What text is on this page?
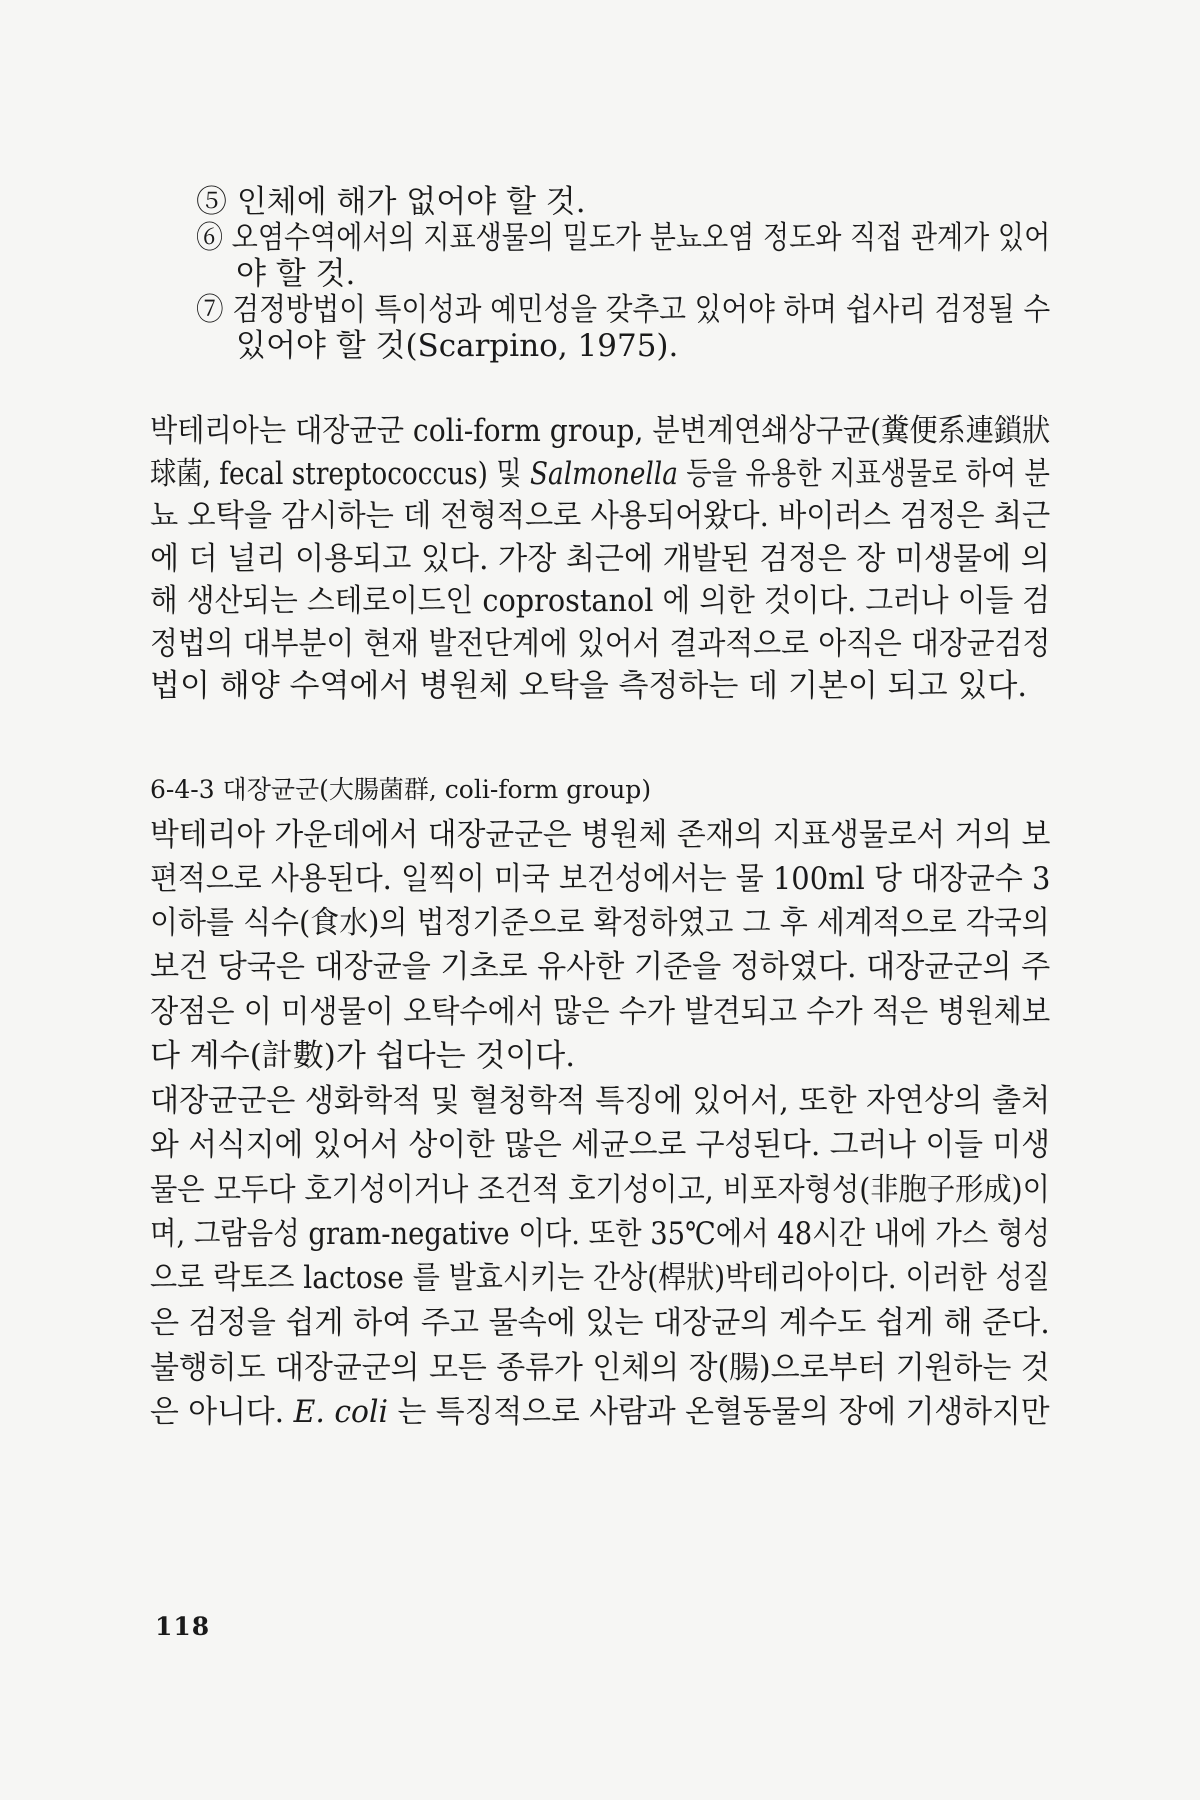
⑤ 인체에 해가 없어야 할 것.
⑥ 오염수역에서의 지표생물의 밀도가 분뇨오염 정도와 직접 관계가 있어
야 할 것.
⑦ 검정방법이 특이성과 예민성을 갖추고 있어야 하며 쉽사리 검정될 수
있어야 할 것(Scarpino, 1975).
박테리아는 대장균군 coli-form group, 분변계연쇄상구균(糞便系連鎖狀
球菌, fecal streptococcus) 및 Salmonella 등을 유용한 지표생물로 하여 분
뇨 오탁을 감시하는 데 전형적으로 사용되어왔다. 바이러스 검정은 최근
에 더 널리 이용되고 있다. 가장 최근에 개발된 검정은 장 미생물에 의
해 생산되는 스테로이드인 coprostanol 에 의한 것이다. 그러나 이들 검
정법의 대부분이 현재 발전단계에 있어서 결과적으로 아직은 대장균검정
법이 해양 수역에서 병원체 오탁을 측정하는 데 기본이 되고 있다.
6-4-3 대장균군(大腸菌群, coli-form group)
박테리아 가운데에서 대장균군은 병원체 존재의 지표생물로서 거의 보
편적으로 사용된다. 일찍이 미국 보건성에서는 물 100ml 당 대장균수 3
이하를 식수(食水)의 법정기준으로 확정하였고 그 후 세계적으로 각국의
보건 당국은 대장균을 기초로 유사한 기준을 정하였다. 대장균군의 주
장점은 이 미생물이 오탁수에서 많은 수가 발견되고 수가 적은 병원체보
다 계수(計數)가 쉽다는 것이다.
대장균군은 생화학적 및 혈청학적 특징에 있어서, 또한 자연상의 출처
와 서식지에 있어서 상이한 많은 세균으로 구성된다. 그러나 이들 미생
물은 모두다 호기성이거나 조건적 호기성이고, 비포자형성(非胞子形成)이
며, 그람음성 gram-negative 이다. 또한 35℃에서 48시간 내에 가스 형성
으로 락토즈 lactose 를 발효시키는 간상(桿狀)박테리아이다. 이러한 성질
은 검정을 쉽게 하여 주고 물속에 있는 대장균의 계수도 쉽게 해 준다.
불행히도 대장균군의 모든 종류가 인체의 장(腸)으로부터 기원하는 것
은 아니다. E. coli 는 특징적으로 사람과 온혈동물의 장에 기생하지만
118
